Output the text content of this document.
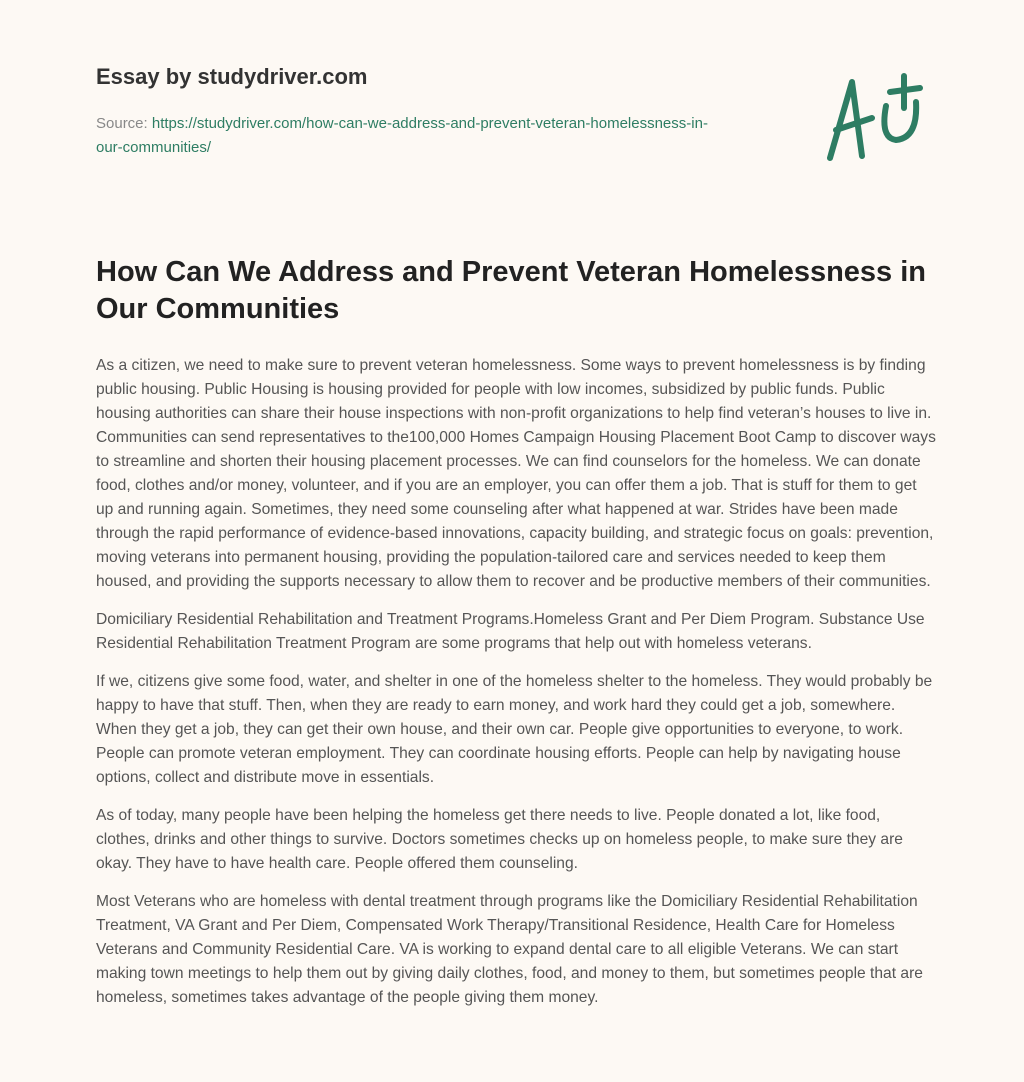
Essay by studydriver.com
Source: https://studydriver.com/how-can-we-address-and-prevent-veteran-homelessness-in-our-communities/
How Can We Address and Prevent Veteran Homelessness in Our Communities

As a citizen, we need to make sure to prevent veteran homelessness. Some ways to prevent homelessness is by finding public housing. Public Housing is housing provided for people with low incomes, subsidized by public funds. Public housing authorities can share their house inspections with non-profit organizations to help find veteran’s houses to live in. Communities can send representatives to the100,000 Homes Campaign Housing Placement Boot Camp to discover ways to streamline and shorten their housing placement processes. We can find counselors for the homeless. We can donate food, clothes and/or money, volunteer, and if you are an employer, you can offer them a job. That is stuff for them to get up and running again. Sometimes, they need some counseling after what happened at war. Strides have been made through the rapid performance of evidence-based innovations, capacity building, and strategic focus on goals: prevention, moving veterans into permanent housing, providing the population-tailored care and services needed to keep them housed, and providing the supports necessary to allow them to recover and be productive members of their communities.

Domiciliary Residential Rehabilitation and Treatment Programs.Homeless Grant and Per Diem Program. Substance Use Residential Rehabilitation Treatment Program are some programs that help out with homeless veterans.

If we, citizens give some food, water, and shelter in one of the homeless shelter to the homeless. They would probably be happy to have that stuff. Then, when they are ready to earn money, and work hard they could get a job, somewhere. When they get a job, they can get their own house, and their own car. People give opportunities to everyone, to work. People can promote veteran employment. They can coordinate housing efforts. People can help by navigating house options, collect and distribute move in essentials.

As of today, many people have been helping the homeless get there needs to live. People donated a lot, like food, clothes, drinks and other things to survive. Doctors sometimes checks up on homeless people, to make sure they are okay. They have to have health care. People offered them counseling.

Most Veterans who are homeless with dental treatment through programs like the Domiciliary Residential Rehabilitation Treatment, VA Grant and Per Diem, Compensated Work Therapy/Transitional Residence, Health Care for Homeless Veterans and Community Residential Care. VA is working to expand dental care to all eligible Veterans. We can start making town meetings to help them out by giving daily clothes, food, and money to them, but sometimes people that are homeless, sometimes takes advantage of the people giving them money.
